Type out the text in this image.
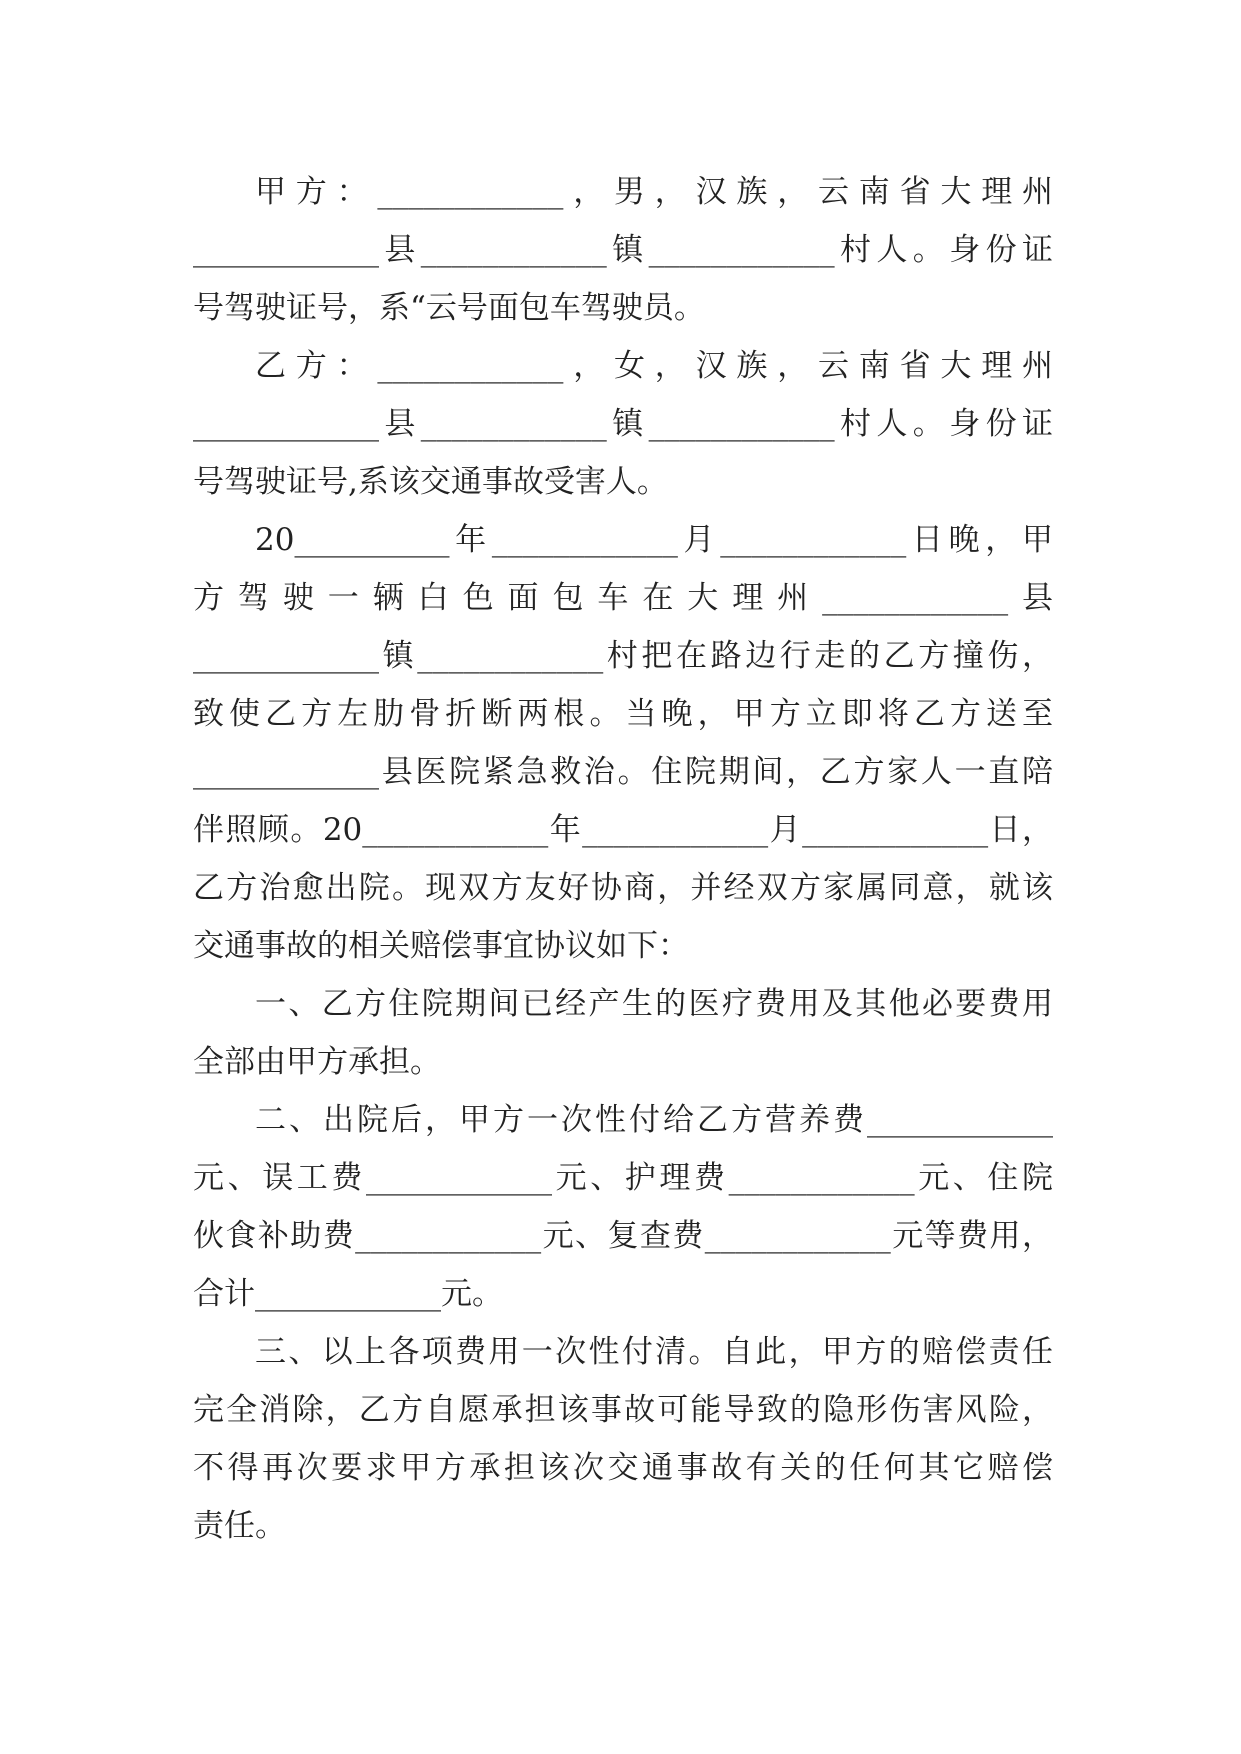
甲方：____________，男，汉族，云南省大理州
____________县____________镇____________村人。身份证
号驾驶证号，系“云号面包车驾驶员。
乙方：____________，女，汉族，云南省大理州
____________县____________镇____________村人。身份证
号驾驶证号,系该交通事故受害人。
20__________年____________月____________日晚，甲
方驾驶一辆白色面包车在大理州____________县
____________镇____________村把在路边行走的乙方撞伤，
致使乙方左肋骨折断两根。当晚，甲方立即将乙方送至
____________县医院紧急救治。住院期间，乙方家人一直陪
伴照顾。20____________年____________月____________日，
乙方治愈出院。现双方友好协商，并经双方家属同意，就该
交通事故的相关赔偿事宜协议如下：
一、乙方住院期间已经产生的医疗费用及其他必要费用
全部由甲方承担。
二、出院后，甲方一次性付给乙方营养费____________
元、误工费____________元、护理费____________元、住院
伙食补助费____________元、复查费____________元等费用，
合计____________元。
三、以上各项费用一次性付清。自此，甲方的赔偿责任
完全消除，乙方自愿承担该事故可能导致的隐形伤害风险，
不得再次要求甲方承担该次交通事故有关的任何其它赔偿
责任。
